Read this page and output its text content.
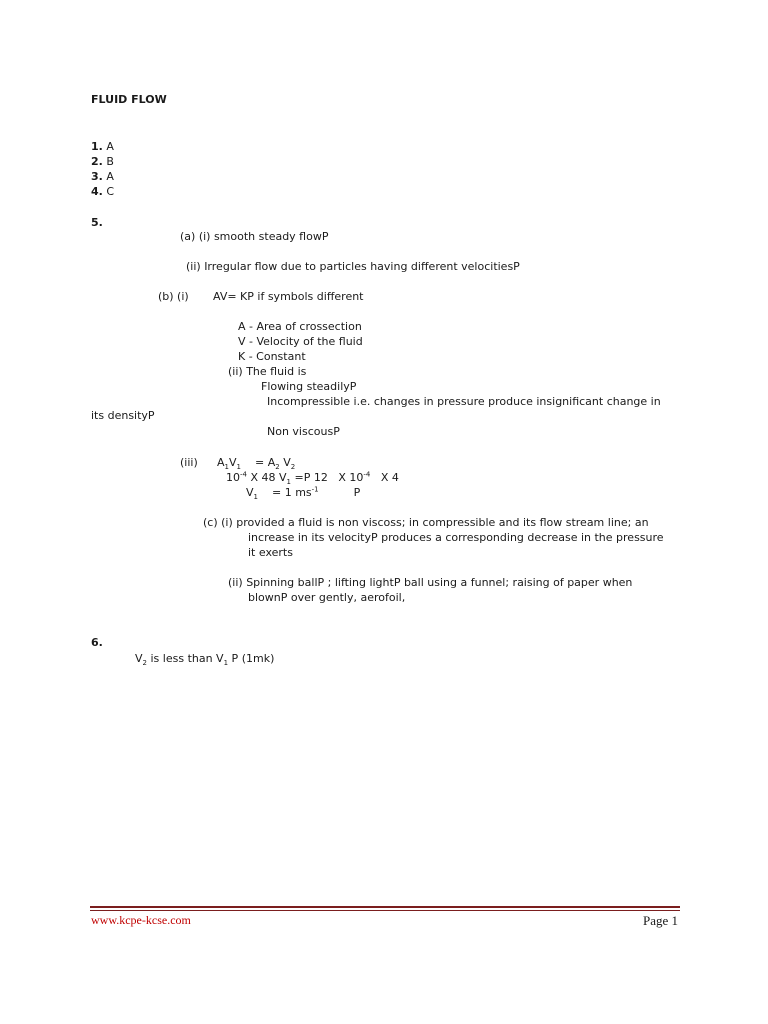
FLUID FLOW
1. A
2. B
3. A
4. C
5.
(a) (i) smooth steady flowP
(ii) Irregular flow due to particles having different velocitiesP
(b) (i) AV= KP if symbols different
A - Area of crossection
V - Velocity of the fluid
K - Constant
(ii) The fluid is
Flowing steadilyP
Incompressible i.e. changes in pressure produce insignificant change in
its densityP
Non viscousP
(iii) $A_1V_1$    = $A_2$ $V_2$
$10^{-4}$ X 48 $V_1 =P$ 12   X $10^{-4}$   X 4
$V_1$    = 1 $ms^{-1}$          P
(c) (i) provided a fluid is non viscoss; in compressible and its flow stream line; an
increase in its velocityP produces a corresponding decrease in the pressure
it exerts
(ii) Spinning ballP ; lifting lightP ball using a funnel; raising of paper when
blownP over gently, aerofoil,
6.
$V_2$ is less than $V_1$ P (1mk)
www.kcpe-kcse.com	Page 1
